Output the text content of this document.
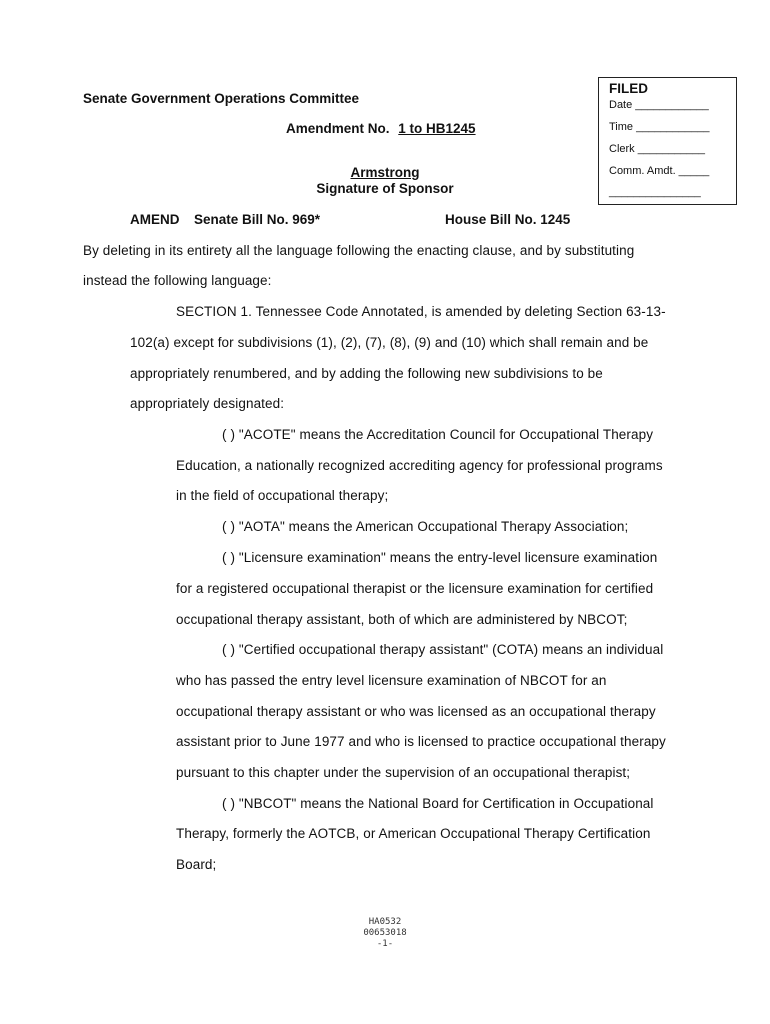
Senate Government Operations Committee
Amendment No. 1 to HB1245
Armstrong
Signature of Sponsor
FILED
Date ____________
Time ____________
Clerk ___________
Comm. Amdt. _____
_______________
AMEND Senate Bill No. 969*	House Bill No. 1245
By deleting in its entirety all the language following the enacting clause, and by substituting
instead the following language:
SECTION 1. Tennessee Code Annotated, is amended by deleting Section 63-13-
102(a) except for subdivisions (1), (2), (7), (8), (9) and (10) which shall remain and be
appropriately renumbered, and by adding the following new subdivisions to be
appropriately designated:
( ) "ACOTE" means the Accreditation Council for Occupational Therapy
Education, a nationally recognized accrediting agency for professional programs
in the field of occupational therapy;
( ) "AOTA" means the American Occupational Therapy Association;
( ) "Licensure examination" means the entry-level licensure examination
for a registered occupational therapist or the licensure examination for certified
occupational therapy assistant, both of which are administered by NBCOT;
( ) "Certified occupational therapy assistant" (COTA) means an individual
who has passed the entry level licensure examination of NBCOT for an
occupational therapy assistant or who was licensed as an occupational therapy
assistant prior to June 1977 and who is licensed to practice occupational therapy
pursuant to this chapter under the supervision of an occupational therapist;
( ) "NBCOT" means the National Board for Certification in Occupational
Therapy, formerly the AOTCB, or American Occupational Therapy Certification
Board;
HA0532
00653018
-1-
